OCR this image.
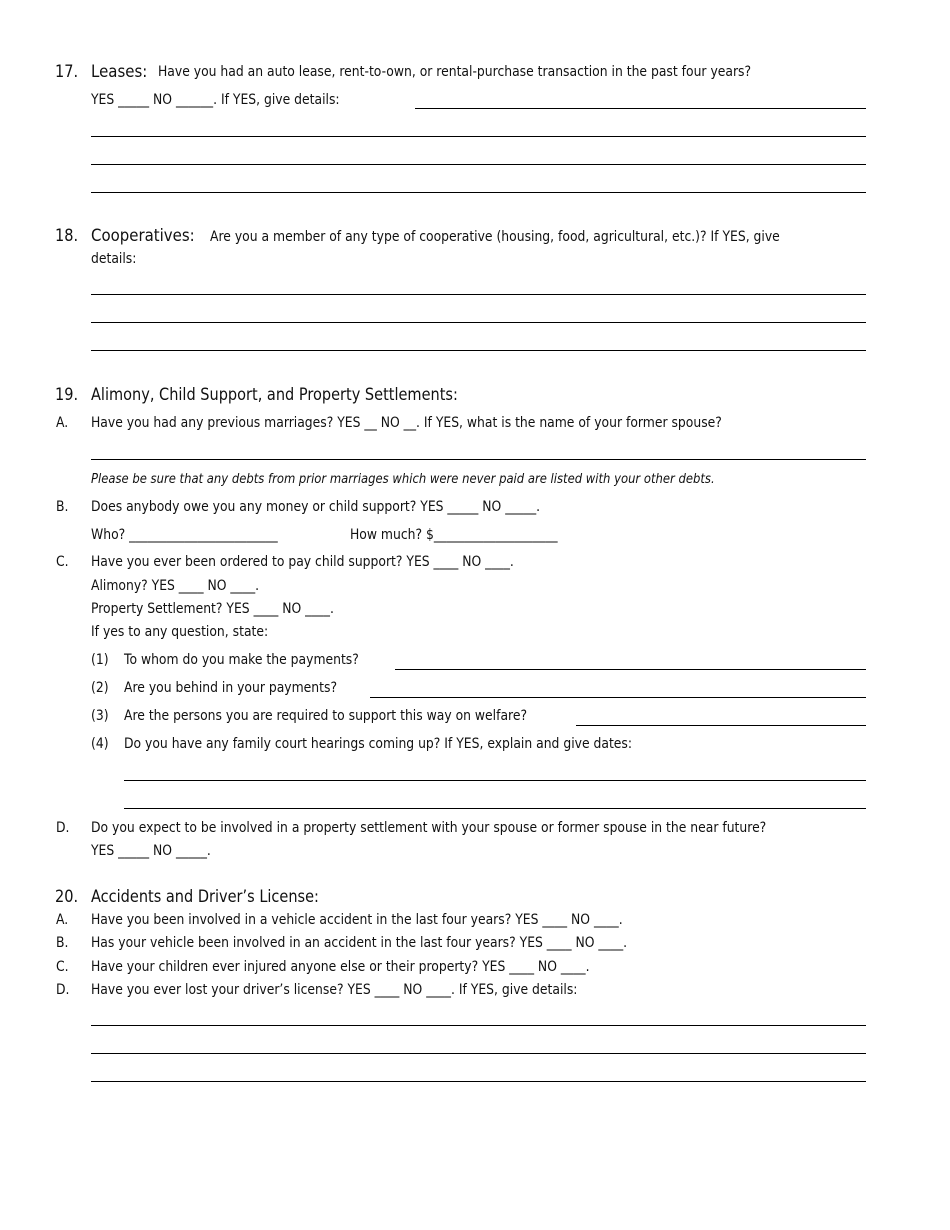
17. Leases: Have you had an auto lease, rent-to-own, or rental-purchase transaction in the past four years?
YES _____ NO ______. If YES, give details:
18. Cooperatives: Are you a member of any type of cooperative (housing, food, agricultural, etc.)? If YES, give
details:
19. Alimony, Child Support, and Property Settlements:
A. Have you had any previous marriages? YES __ NO __. If YES, what is the name of your former spouse?
Please be sure that any debts from prior marriages which were never paid are listed with your other debts.
B. Does anybody owe you any money or child support? YES _____ NO _____.
Who? ________________________	How much? $____________________
C. Have you ever been ordered to pay child support? YES ____ NO ____.
Alimony? YES ____ NO ____.
Property Settlement? YES ____ NO ____.
If yes to any question, state:
(1) To whom do you make the payments?
(2) Are you behind in your payments?
(3) Are the persons you are required to support this way on welfare?
(4) Do you have any family court hearings coming up? If YES, explain and give dates:
D. Do you expect to be involved in a property settlement with your spouse or former spouse in the near future?
YES _____ NO _____.
20. Accidents and Driver’s License:
A. Have you been involved in a vehicle accident in the last four years? YES ____ NO ____.
B. Has your vehicle been involved in an accident in the last four years? YES ____ NO ____.
C. Have your children ever injured anyone else or their property? YES ____ NO ____.
D. Have you ever lost your driver’s license? YES ____ NO ____. If YES, give details:
